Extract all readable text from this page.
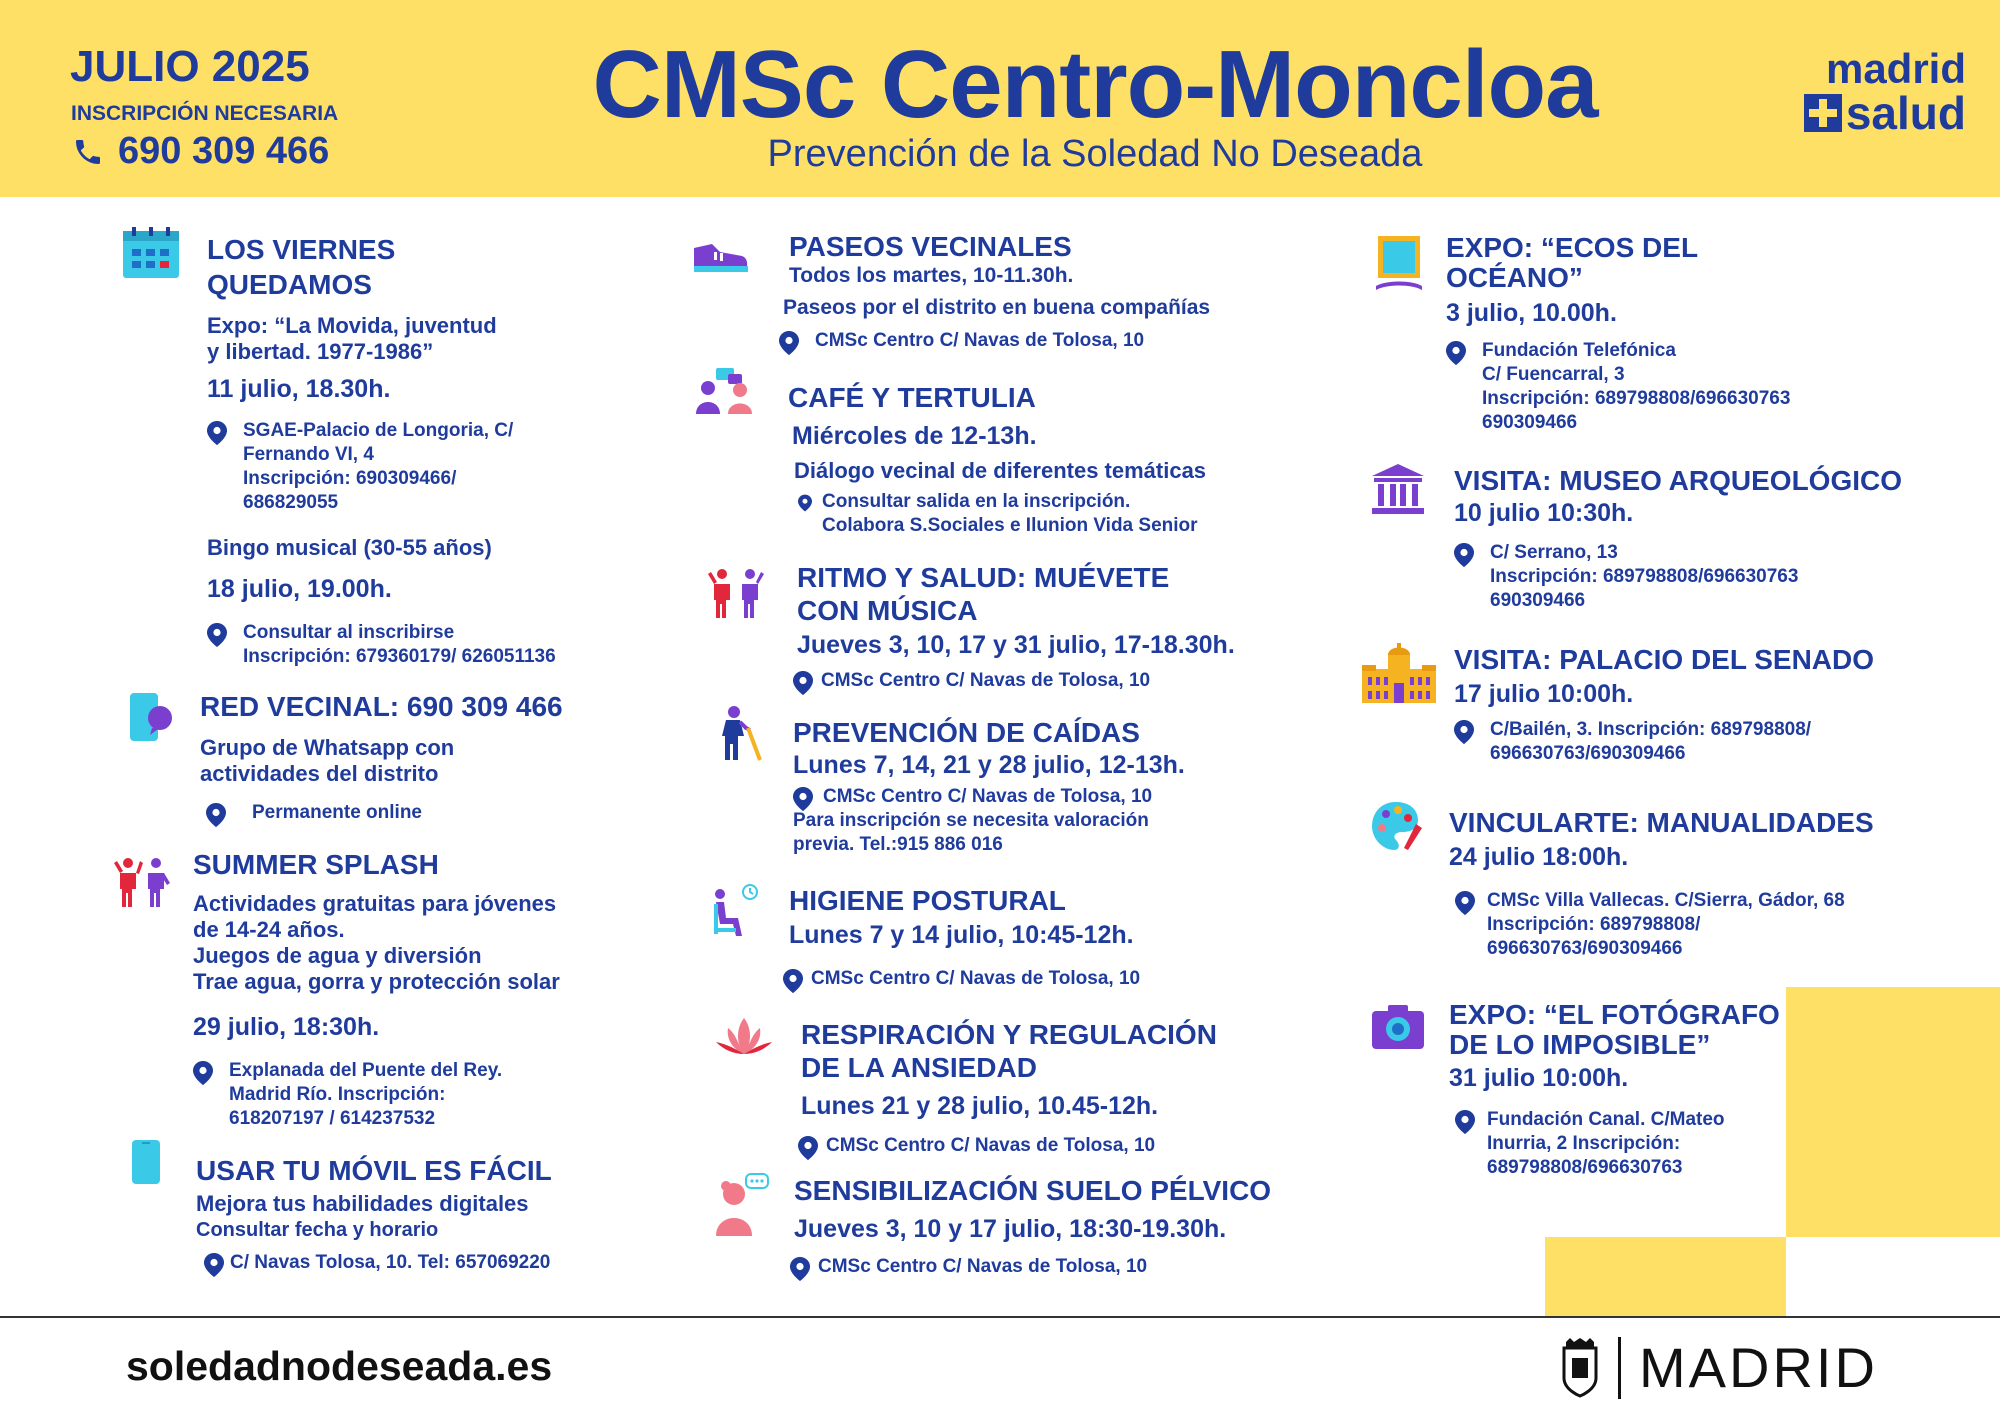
JULIO 2025
INSCRIPCIÓN NECESARIA
690 309 466
CMSc Centro-Moncloa
Prevención de la Soledad No Deseada
madrid
salud
LOS VIERNES
QUEDAMOS
Expo: “La Movida, juventud
y libertad. 1977-1986”
11 julio, 18.30h.
SGAE-Palacio de Longoria, C/
Fernando VI, 4
Inscripción: 690309466/
686829055
Bingo musical (30-55 años)
18 julio, 19.00h.
Consultar al inscribirse
Inscripción: 679360179/ 626051136
RED VECINAL: 690 309 466
Grupo de Whatsapp con
actividades del distrito
Permanente online
SUMMER SPLASH
Actividades gratuitas para jóvenes
de 14-24 años.
Juegos de agua y diversión
Trae agua, gorra y protección solar
29 julio, 18:30h.
Explanada del Puente del Rey.
Madrid Río. Inscripción:
618207197 / 614237532
USAR TU MÓVIL ES FÁCIL
Mejora tus habilidades digitales
Consultar fecha y horario
C/ Navas Tolosa, 10. Tel: 657069220
PASEOS VECINALES
Todos los martes, 10-11.30h.
Paseos por el distrito en buena compañías
CMSc Centro C/ Navas de Tolosa, 10
CAFÉ Y TERTULIA
Miércoles de 12-13h.
Diálogo vecinal de diferentes temáticas
Consultar salida en la inscripción.
Colabora S.Sociales e Ilunion Vida Senior
RITMO Y SALUD: MUÉVETE
CON MÚSICA
Jueves 3, 10, 17 y 31 julio, 17-18.30h.
CMSc Centro C/ Navas de Tolosa, 10
PREVENCIÓN DE CAÍDAS
Lunes 7, 14, 21 y 28 julio, 12-13h.
CMSc Centro C/ Navas de Tolosa, 10
Para inscripción se necesita valoración
previa. Tel.:915 886 016
HIGIENE POSTURAL
Lunes 7 y 14 julio, 10:45-12h.
CMSc Centro C/ Navas de Tolosa, 10
RESPIRACIÓN Y REGULACIÓN
DE LA ANSIEDAD
Lunes 21 y 28 julio, 10.45-12h.
CMSc Centro C/ Navas de Tolosa, 10
SENSIBILIZACIÓN SUELO PÉLVICO
Jueves 3, 10 y 17 julio, 18:30-19.30h.
CMSc Centro C/ Navas de Tolosa, 10
EXPO: “ECOS DEL
OCÉANO”
3 julio, 10.00h.
Fundación Telefónica
C/ Fuencarral, 3
Inscripción: 689798808/696630763
690309466
VISITA: MUSEO ARQUEOLÓGICO
10 julio 10:30h.
C/ Serrano, 13
Inscripción: 689798808/696630763
690309466
VISITA: PALACIO DEL SENADO
17 julio 10:00h.
C/Bailén, 3. Inscripción: 689798808/
696630763/690309466
VINCULARTE: MANUALIDADES
24 julio 18:00h.
CMSc Villa Vallecas. C/Sierra, Gádor, 68
Inscripción: 689798808/
696630763/690309466
EXPO: “EL FOTÓGRAFO
DE LO IMPOSIBLE”
31 julio 10:00h.
Fundación Canal. C/Mateo
Inurria, 2 Inscripción:
689798808/696630763
soledadnodeseada.es	MADRID
